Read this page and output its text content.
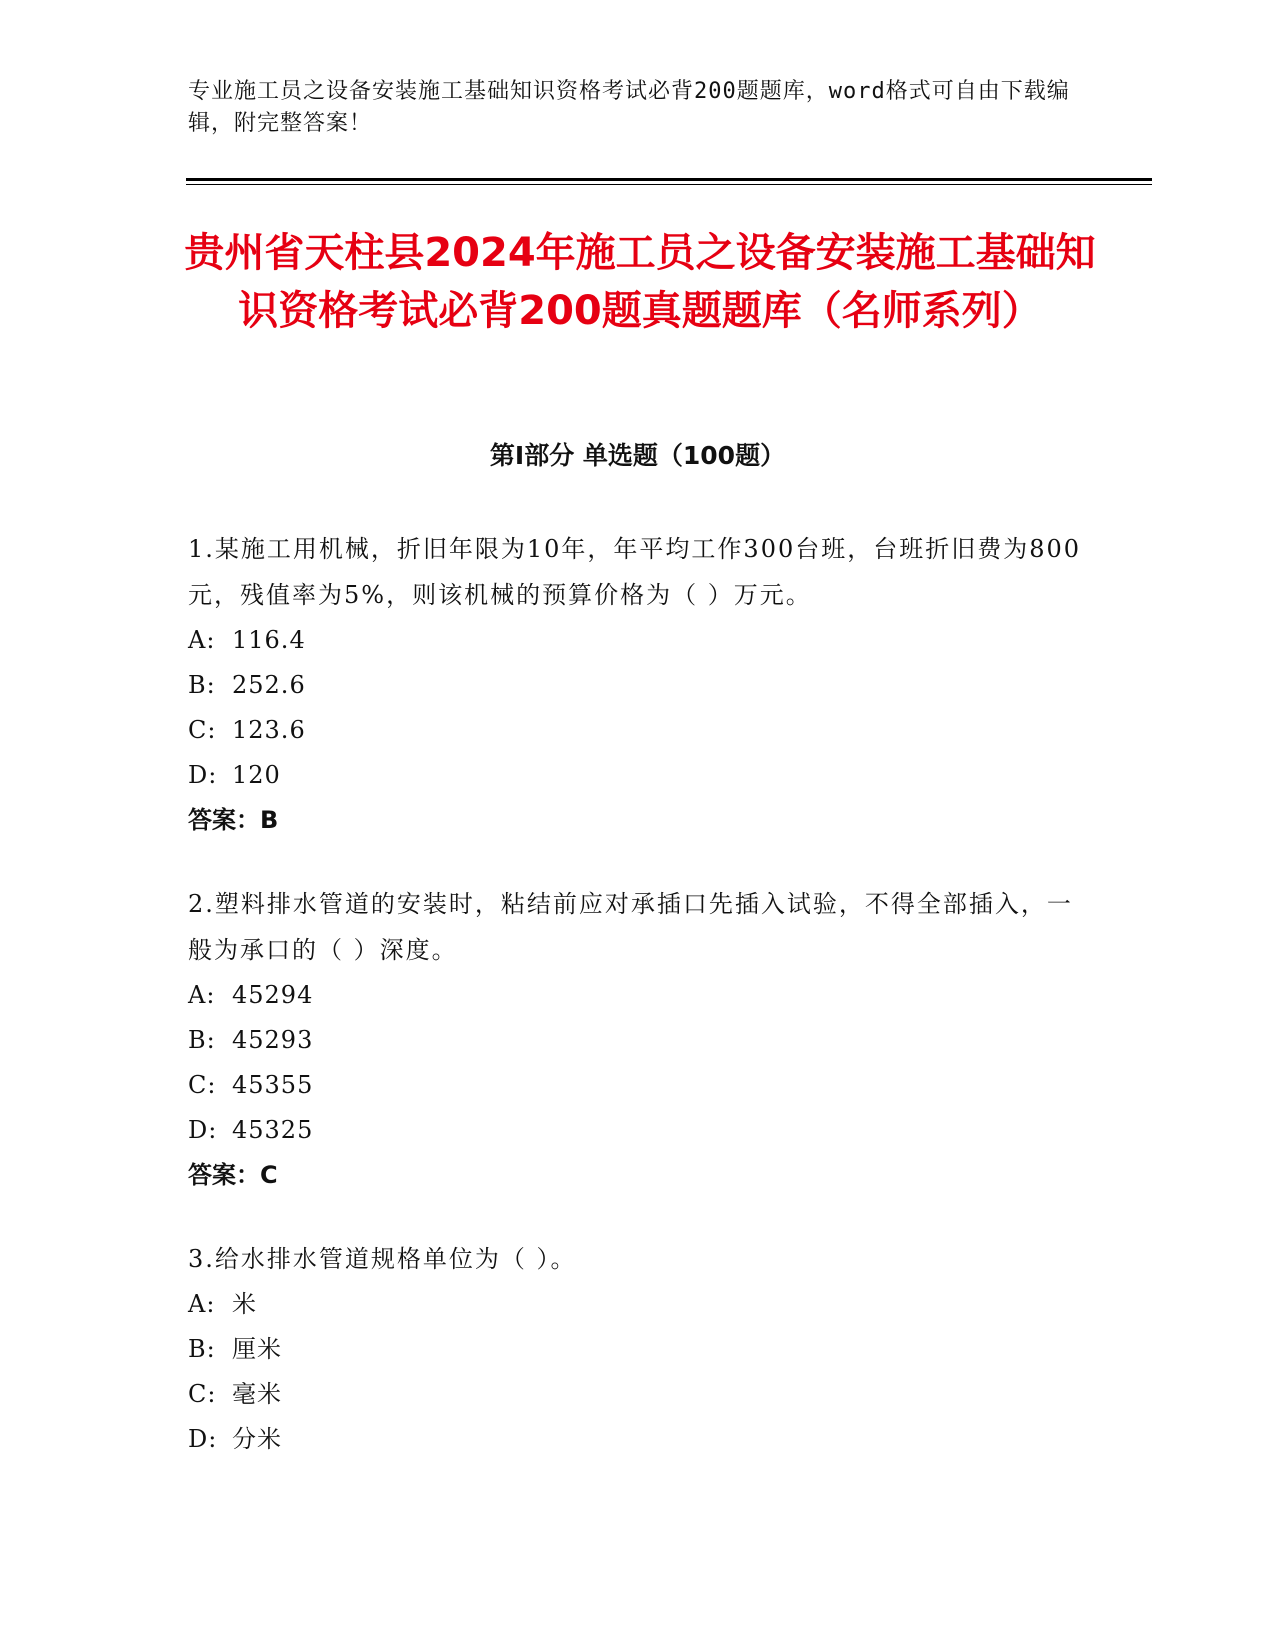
专业施工员之设备安装施工基础知识资格考试必背200题题库，word格式可自由下载编辑，附完整答案！
贵州省天柱县2024年施工员之设备安装施工基础知识资格考试必背200题真题题库（名师系列）
第Ⅰ部分 单选题（100题）
1.某施工用机械，折旧年限为10年，年平均工作300台班，台班折旧费为800元，残值率为5%，则该机械的预算价格为（ ）万元。
A: 116.4
B: 252.6
C: 123.6
D: 120
答案：B
2.塑料排水管道的安装时，粘结前应对承插口先插入试验，不得全部插入，一般为承口的（ ）深度。
A: 45294
B: 45293
C: 45355
D: 45325
答案：C
3.给水排水管道规格单位为（ ）。
A: 米
B: 厘米
C: 毫米
D: 分米
